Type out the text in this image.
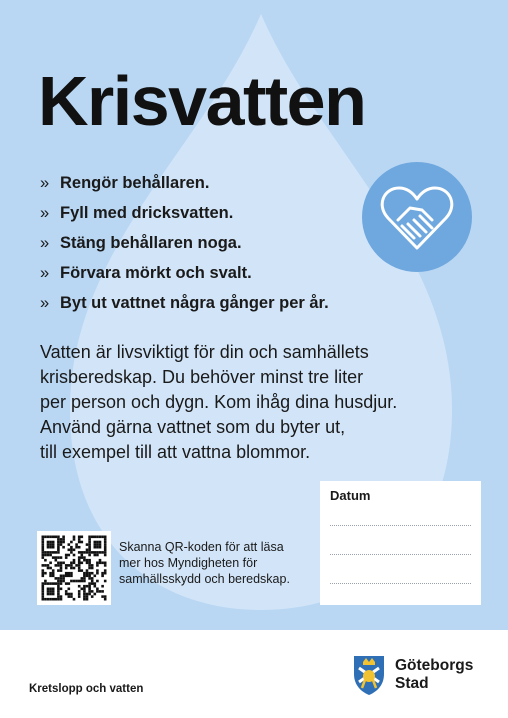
Krisvatten
» Rengör behållaren.
» Fyll med dricksvatten.
» Stäng behållaren noga.
» Förvara mörkt och svalt.
» Byt ut vattnet några gånger per år.

Vatten är livsviktigt för din och samhällets
krisberedskap. Du behöver minst tre liter
per person och dygn. Kom ihåg dina husdjur.
Använd gärna vattnet som du byter ut,
till exempel till att vattna blommor.

Datum
Skanna QR-koden för att läsa mer hos Myndigheten för samhällsskydd och beredskap.
Kretslopp och vatten
Göteborgs
Stad
